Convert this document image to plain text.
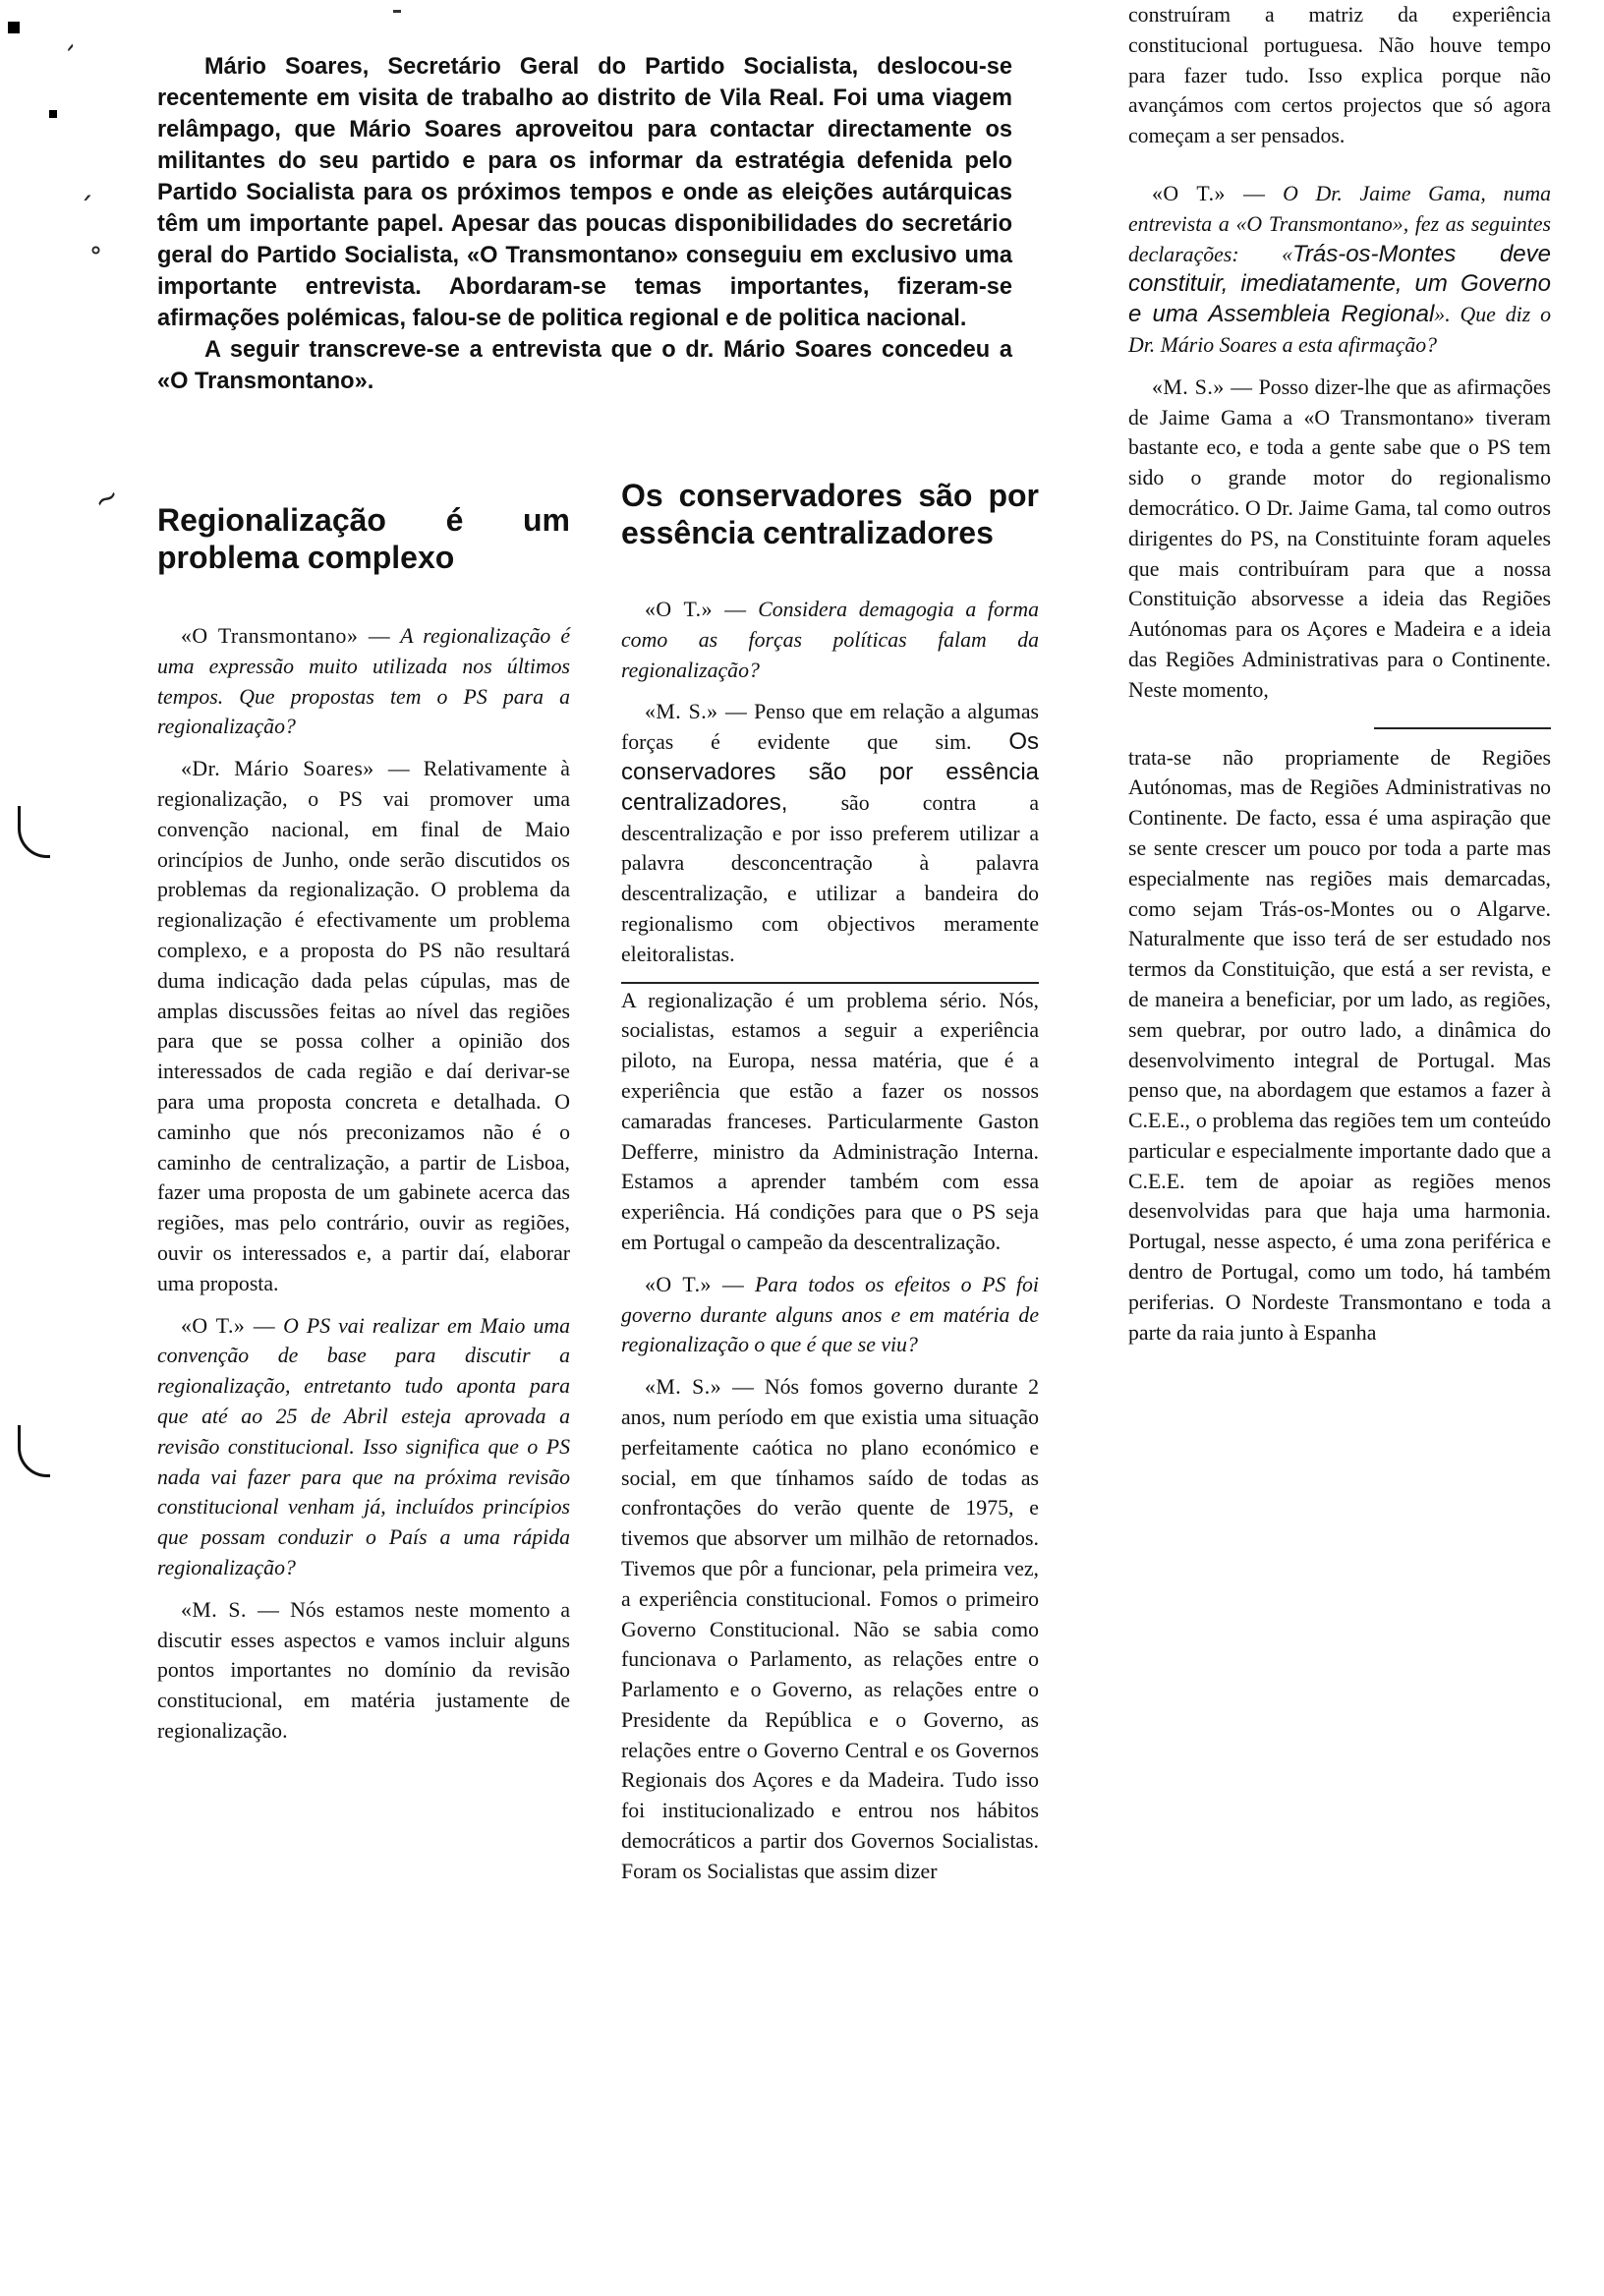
ˎ
ˏ
˚
~

Mário Soares, Secretário Geral do Partido Socialista, deslocou-se recentemente em visita de trabalho ao distrito de Vila Real. Foi uma viagem relâmpago, que Mário Soares aproveitou para contactar directamente os militantes do seu partido e para os informar da estratégia defenida pelo Partido Socialista para os próximos tempos e onde as eleições autárquicas têm um importante papel. Apesar das poucas disponibilidades do secretário geral do Partido Socialista, «O Transmontano» conseguiu em exclusivo uma importante entrevista. Abordaram-se temas importantes, fizeram-se afirmações polémicas, falou-se de politica regional e de politica nacional.

A seguir transcreve-se a entrevista que o dr. Mário Soares concedeu a «O Transmontano».

Regionalização é um problema complexo

«O Transmontano» — A regionalização é uma expressão muito utilizada nos últimos tempos. Que propostas tem o PS para a regionalização?

«Dr. Mário Soares» — Relativamente à regionalização, o PS vai promover uma convenção nacional, em final de Maio orincípios de Junho, onde serão discutidos os problemas da regionalização. O problema da regionalização é efectivamente um problema complexo, e a proposta do PS não resultará duma indicação dada pelas cúpulas, mas de amplas discussões feitas ao nível das regiões para que se possa colher a opinião dos interessados de cada região e daí derivar-se para uma proposta concreta e detalhada. O caminho que nós preconizamos não é o caminho de centralização, a partir de Lisboa, fazer uma proposta de um gabinete acerca das regiões, mas pelo contrário, ouvir as regiões, ouvir os interessados e, a partir daí, elaborar uma proposta.

«O T.» — O PS vai realizar em Maio uma convenção de base para discutir a regionalização, entretanto tudo aponta para que até ao 25 de Abril esteja aprovada a revisão constitucional. Isso significa que o PS nada vai fazer para que na próxima revisão constitucional venham já, incluídos princípios que possam conduzir o País a uma rápida regionalização?

«M. S. — Nós estamos neste momento a discutir esses aspectos e vamos incluir alguns pontos importantes no domínio da revisão constitucional, em matéria justamente de regionalização.

Os conservadores são por essência centralizadores

«O T.» — Considera demagogia a forma como as forças políticas falam da regionalização?

«M. S.» — Penso que em relação a algumas forças é evidente que sim. Os conservadores são por essência centralizadores, são contra a descentralização e por isso preferem utilizar a palavra desconcentração à palavra descentralização, e utilizar a bandeira do regionalismo com objectivos meramente eleitoralistas.

A regionalização é um problema sério. Nós, socialistas, estamos a seguir a experiência piloto, na Europa, nessa matéria, que é a experiência que estão a fazer os nossos camaradas franceses. Particularmente Gaston Defferre, ministro da Administração Interna. Estamos a aprender também com essa experiência. Há condições para que o PS seja em Portugal o campeão da descentralização.

«O T.» — Para todos os efeitos o PS foi governo durante alguns anos e em matéria de regionalização o que é que se viu?

«M. S.» — Nós fomos governo durante 2 anos, num período em que existia uma situação perfeitamente caótica no plano económico e social, em que tínhamos saído de todas as confrontações do verão quente de 1975, e tivemos que absorver um milhão de retornados. Tivemos que pôr a funcionar, pela primeira vez, a experiência constitucional. Fomos o primeiro Governo Constitucional. Não se sabia como funcionava o Parlamento, as relações entre o Parlamento e o Governo, as relações entre o Presidente da República e o Governo, as relações entre o Governo Central e os Governos Regionais dos Açores e da Madeira. Tudo isso foi institucionalizado e entrou nos hábitos democráticos a partir dos Governos Socialistas. Foram os Socialistas que assim dizer

construíram a matriz da experiência constitucional portuguesa. Não houve tempo para fazer tudo. Isso explica porque não avançámos com certos projectos que só agora começam a ser pensados.

«O T.» — O Dr. Jaime Gama, numa entrevista a «O Transmontano», fez as seguintes declarações: «Trás-os-Montes deve constituir, imediatamente, um Governo e uma Assembleia Regional». Que diz o Dr. Mário Soares a esta afirmação?

«M. S.» — Posso dizer-lhe que as afirmações de Jaime Gama a «O Transmontano» tiveram bastante eco, e toda a gente sabe que o PS tem sido o grande motor do regionalismo democrático. O Dr. Jaime Gama, tal como outros dirigentes do PS, na Constituinte foram aqueles que mais contribuíram para que a nossa Constituição absorvesse a ideia das Regiões Autónomas para os Açores e Madeira e a ideia das Regiões Administrativas para o Continente. Neste momento,

trata-se não propriamente de Regiões Autónomas, mas de Regiões Administrativas no Continente. De facto, essa é uma aspiração que se sente crescer um pouco por toda a parte mas especialmente nas regiões mais demarcadas, como sejam Trás-os-Montes ou o Algarve. Naturalmente que isso terá de ser estudado nos termos da Constituição, que está a ser revista, e de maneira a beneficiar, por um lado, as regiões, sem quebrar, por outro lado, a dinâmica do desenvolvimento integral de Portugal. Mas penso que, na abordagem que estamos a fazer à C.E.E., o problema das regiões tem um conteúdo particular e especialmente importante dado que a C.E.E. tem de apoiar as regiões menos desenvolvidas para que haja uma harmonia. Portugal, nesse aspecto, é uma zona periférica e dentro de Portugal, como um todo, há também periferias. O Nordeste Transmontano e toda a parte da raia junto à Espanha
